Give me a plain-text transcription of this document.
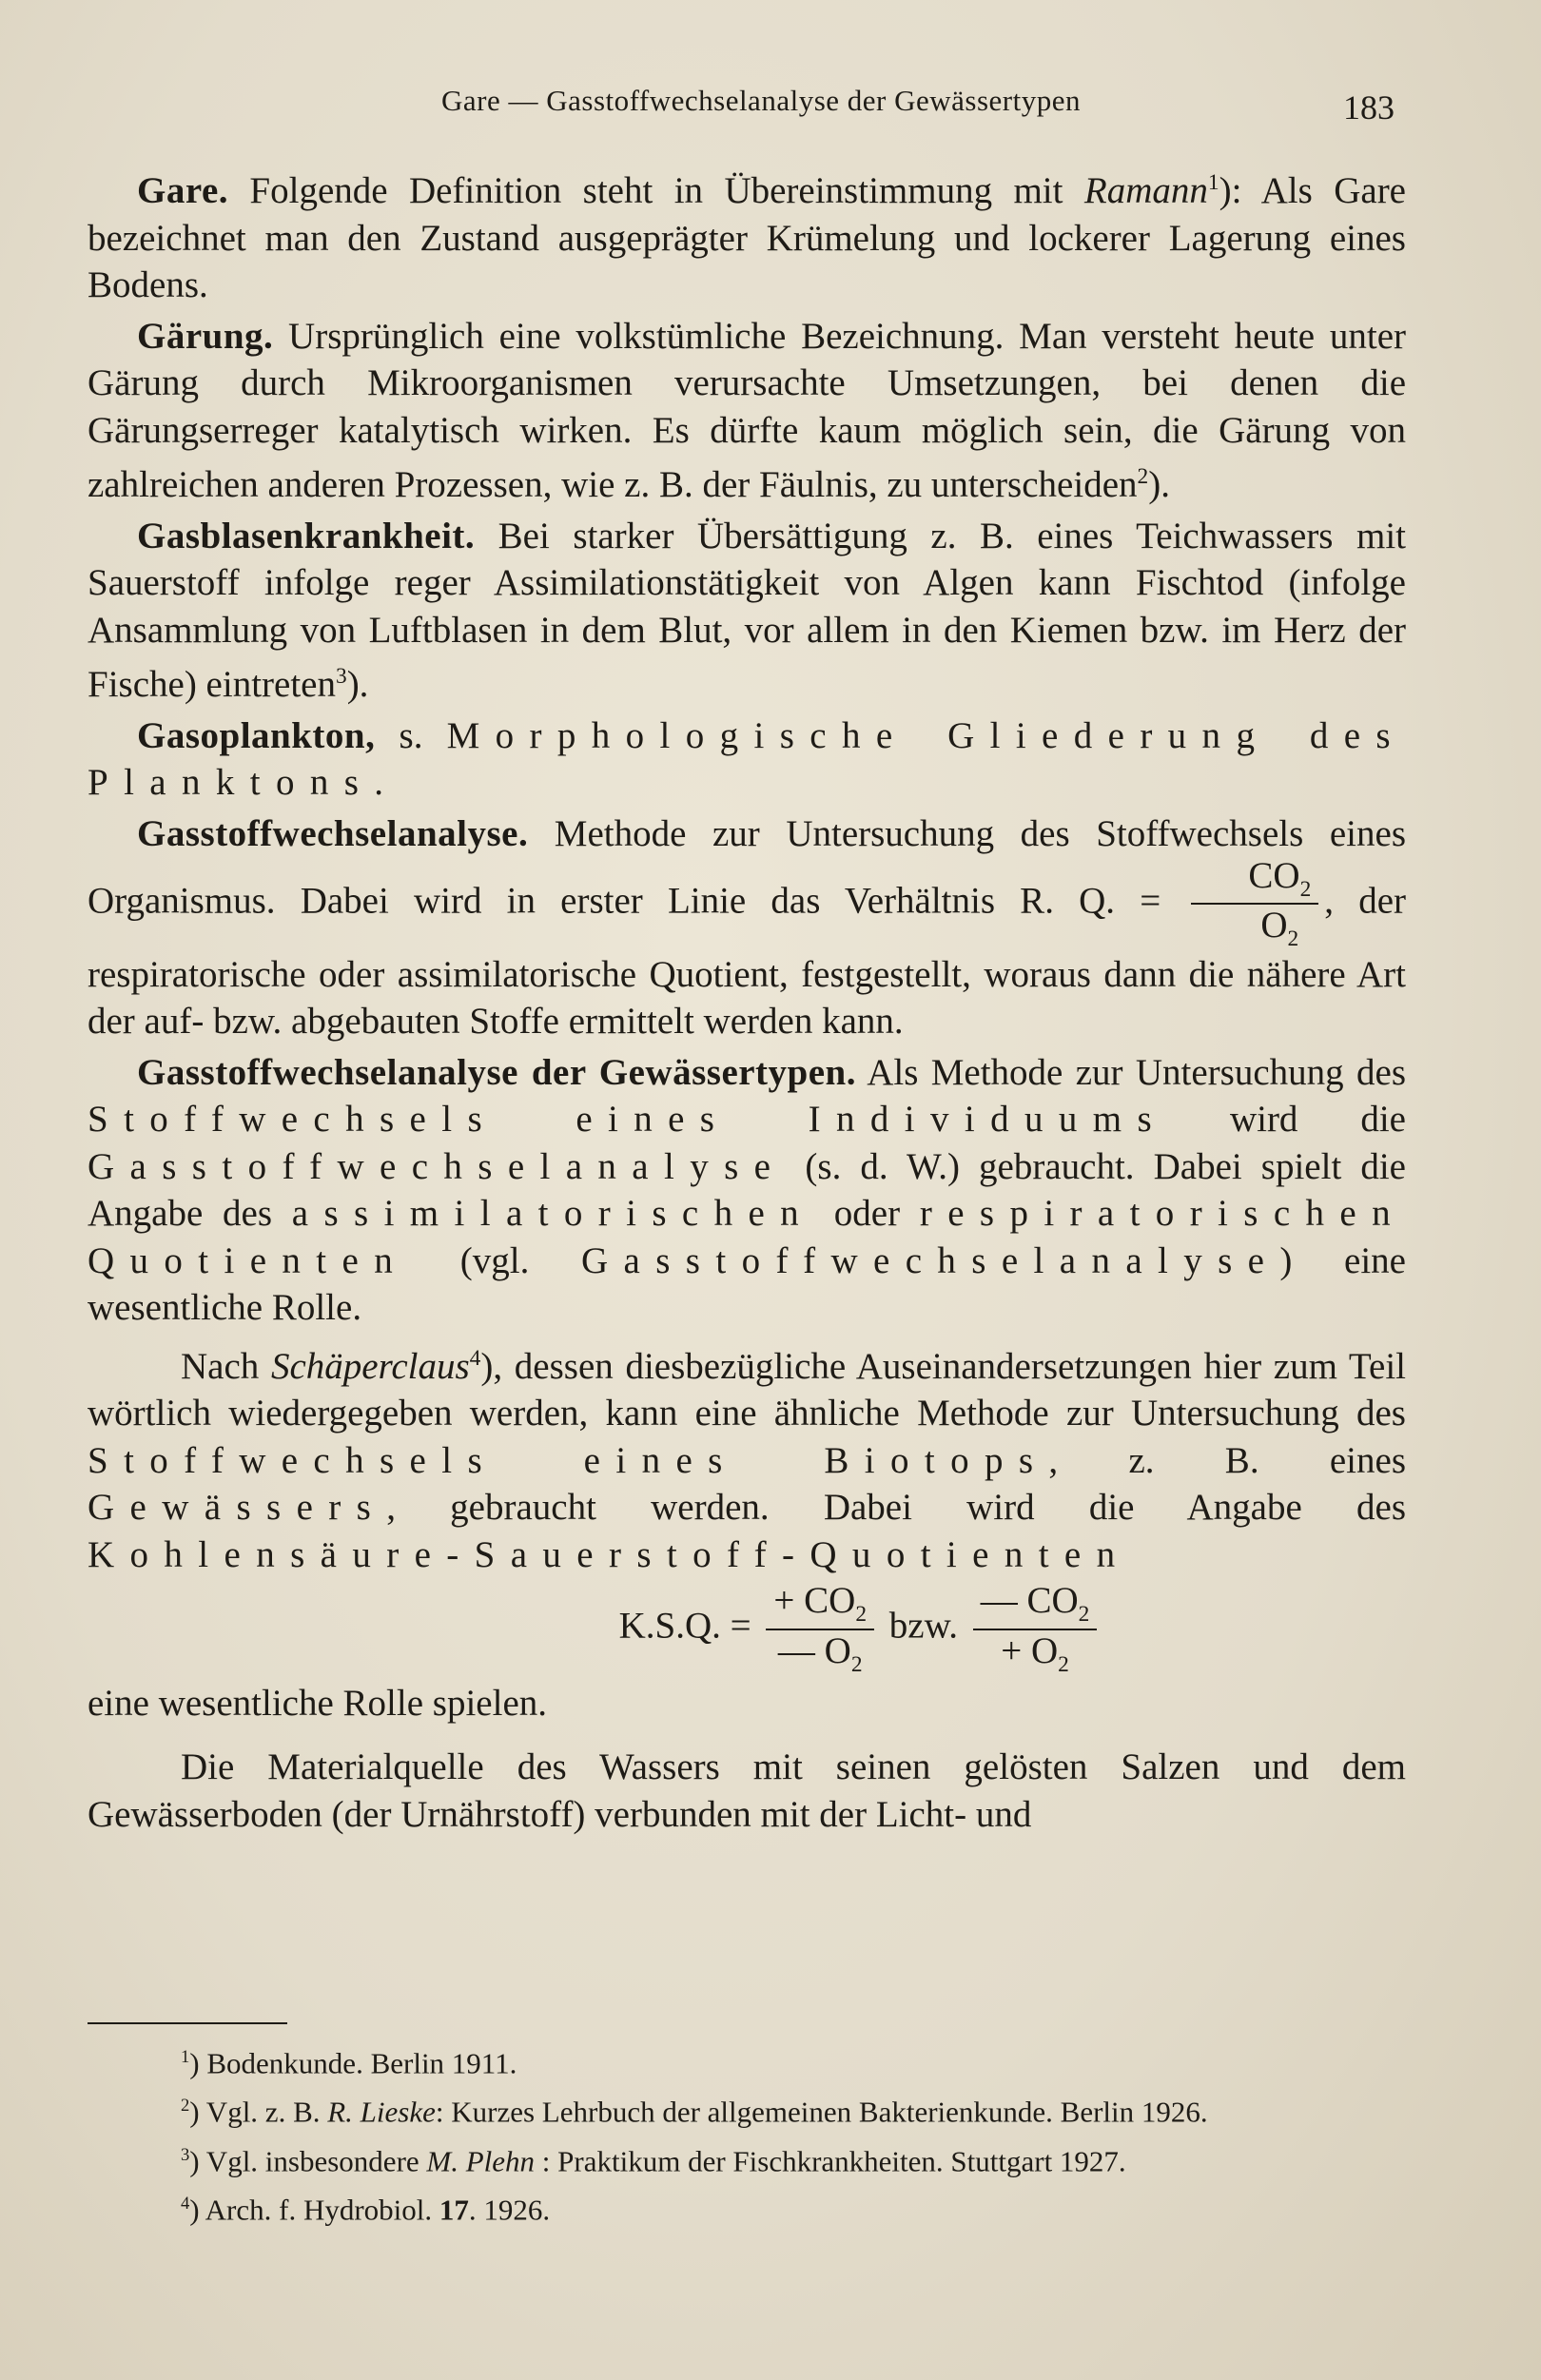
Gare — Gasstoffwechselanalyse der Gewässertypen	183

Gare. Folgende Definition steht in Übereinstimmung mit Ramann$^1$): Als Gare bezeichnet man den Zustand ausgeprägter Krümelung und lockerer Lagerung eines Bodens.

Gärung. Ursprünglich eine volkstümliche Bezeichnung. Man versteht heute unter Gärung durch Mikroorganismen verursachte Umsetzungen, bei denen die Gärungserreger katalytisch wirken. Es dürfte kaum möglich sein, die Gärung von zahlreichen anderen Prozessen, wie z. B. der Fäulnis, zu unterscheiden$^2$).

Gasblasenkrankheit. Bei starker Übersättigung z. B. eines Teichwassers mit Sauerstoff infolge reger Assimilationstätigkeit von Algen kann Fischtod (infolge Ansammlung von Luftblasen in dem Blut, vor allem in den Kiemen bzw. im Herz der Fische) eintreten$^3$).

Gasoplankton, s. Morphologische Gliederung des Planktons.

Gasstoffwechselanalyse. Methode zur Untersuchung des Stoffwechsels eines Organismus. Dabei wird in erster Linie das Verhältnis R. Q. = $\frac{CO_2}{O_2}$ , der respiratorische oder assimilatorische Quotient, festgestellt, woraus dann die nähere Art der auf- bzw. abgebauten Stoffe ermittelt werden kann.

Gasstoffwechselanalyse der Gewässertypen. Als Methode zur Untersuchung des Stoffwechsels eines Individuums wird die Gasstoffwechselanalyse (s. d. W.) gebraucht. Dabei spielt die Angabe des assimilatorischen oder respiratorischen Quotienten (vgl. Gasstoffwechselanalyse) eine wesentliche Rolle.

Nach Schäperclaus$^4$), dessen diesbezügliche Auseinandersetzungen hier zum Teil wörtlich wiedergegeben werden, kann eine ähnliche Methode zur Untersuchung des Stoffwechsels eines Biotops, z. B. eines Gewässers, gebraucht werden. Dabei wird die Angabe des Kohlensäure-Sauerstoff-Quotienten

K.S.Q. = $\frac{+ CO_2}{— O_2}$ bzw. $\frac{— CO_2}{+ O_2}$

eine wesentliche Rolle spielen.

Die Materialquelle des Wassers mit seinen gelösten Salzen und dem Gewässerboden (der Urnährstoff) verbunden mit der Licht- und

$^1$) Bodenkunde. Berlin 1911.

$^2$) Vgl. z. B. R. Lieske: Kurzes Lehrbuch der allgemeinen Bakterienkunde. Berlin 1926.

$^3$) Vgl. insbesondere M. Plehn : Praktikum der Fischkrankheiten. Stuttgart 1927.

$^4$) Arch. f. Hydrobiol. 17. 1926.
